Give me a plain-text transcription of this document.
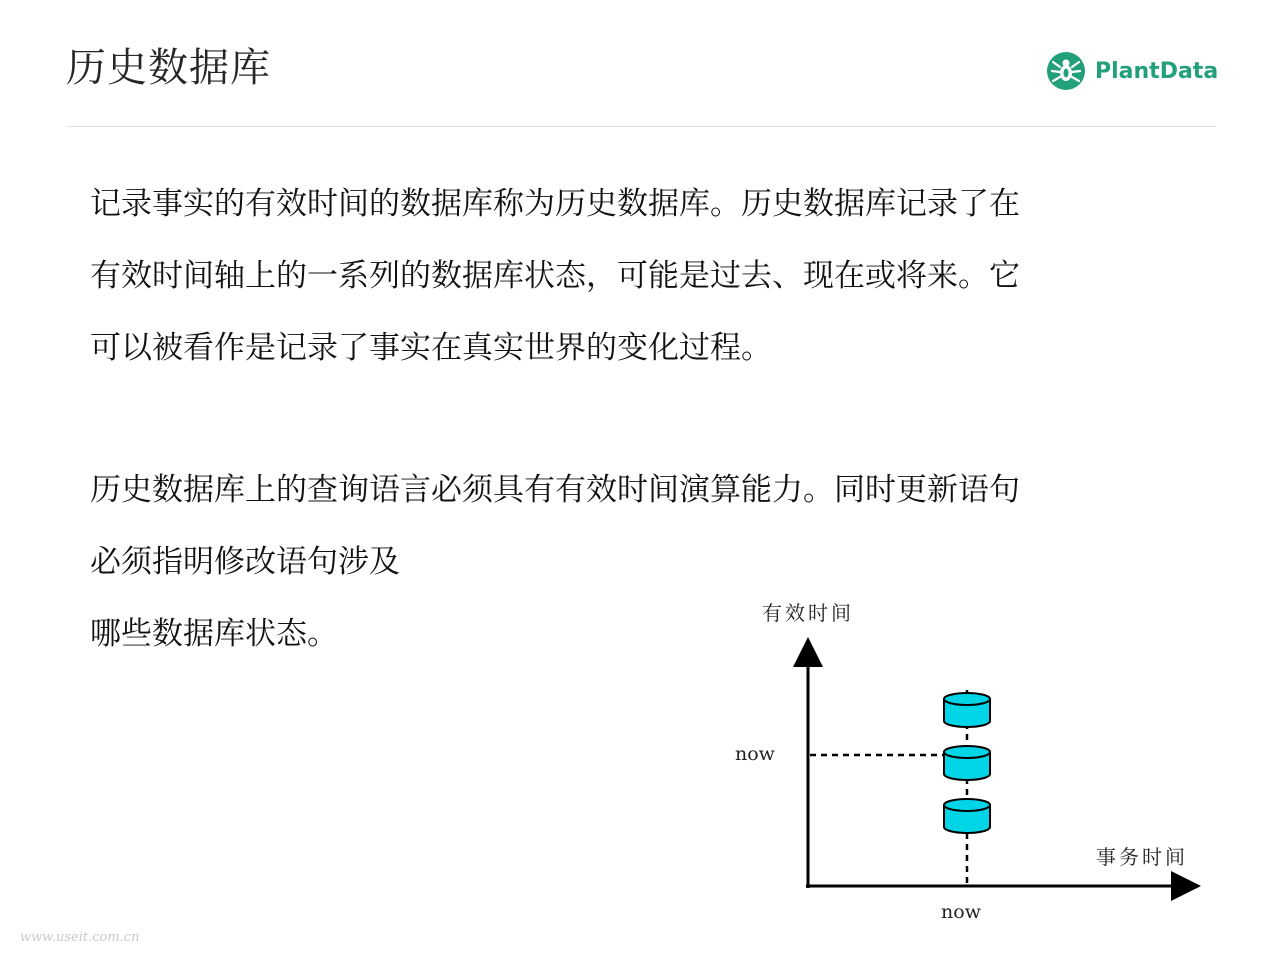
历史数据库	PlantData
记录事实的有效时间的数据库称为历史数据库。历史数据库记录了在
有效时间轴上的一系列的数据库状态，可能是过去、现在或将来。它
可以被看作是记录了事实在真实世界的变化过程。
历史数据库上的查询语言必须具有有效时间演算能力。同时更新语句
必须指明修改语句涉及
哪些数据库状态。
有效时间
now
now
事务时间
www.useit.com.cn
